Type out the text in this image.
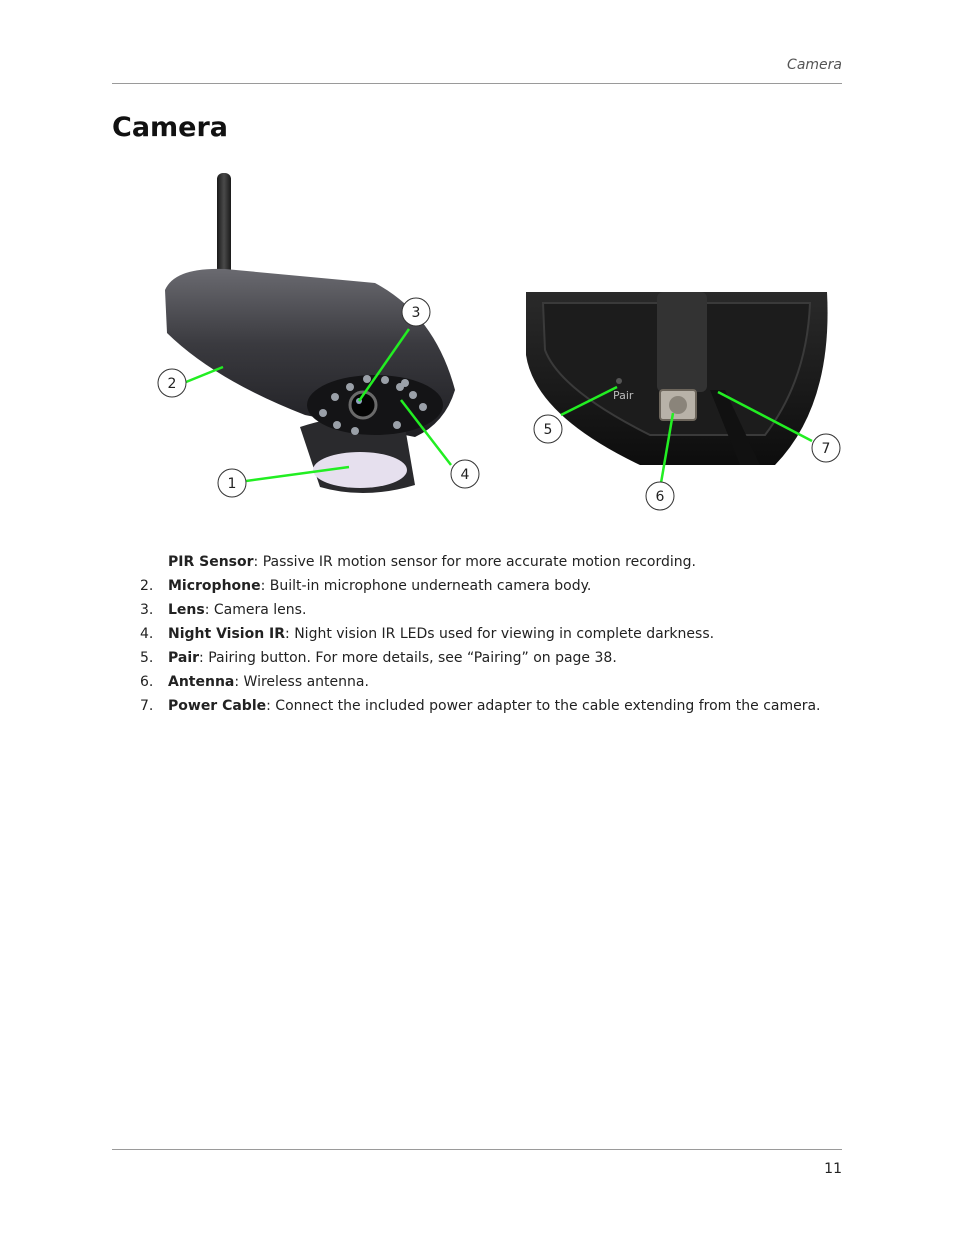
Camera
Camera
Pair
1
2
3
4
5
6
7
PIR Sensor: Passive IR motion sensor for more accurate motion recording.
2.	Microphone: Built-in microphone underneath camera body.
3.	Lens: Camera lens.
4.	Night Vision IR: Night vision IR LEDs used for viewing in complete darkness.
5.	Pair: Pairing button. For more details, see “Pairing” on page 38.
6.	Antenna: Wireless antenna.
7.	Power Cable: Connect the included power adapter to the cable extending from the camera.
11
